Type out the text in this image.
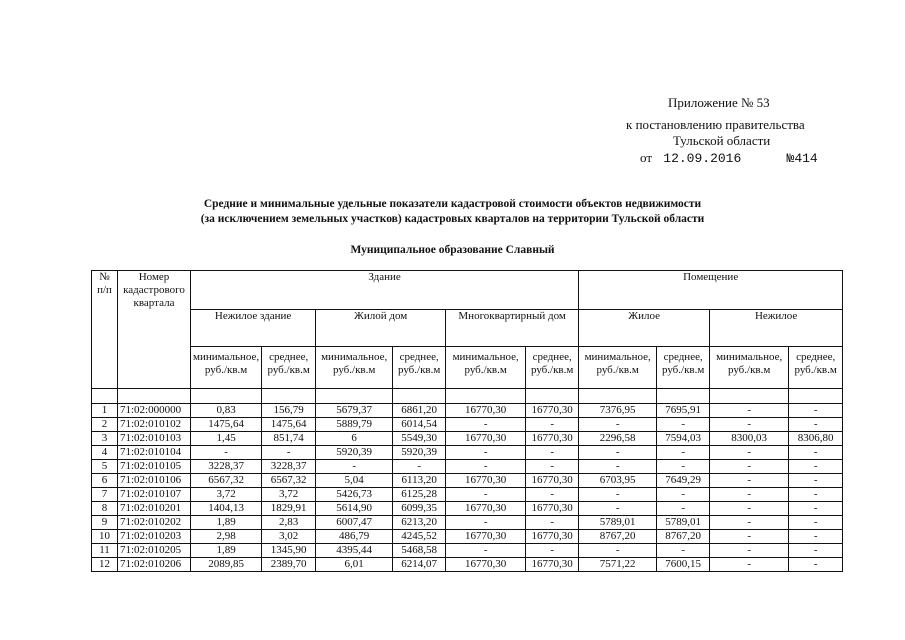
Приложение № 53
к постановлению правительства
Тульской области
от 12.09.2016	№414
Средние и минимальные удельные показатели кадастровой стоимости объектов недвижимости
(за исключением земельных участков) кадастровых кварталов на территории Тульской области
Муниципальное образование Славный
№ п/п	Номер кадастрового квартала	Здание						Помещение			
		Нежилое здание		Жилой дом		Многоквартирный дом		Жилое		Нежилое	
		минимальное, руб./кв.м	среднее, руб./кв.м	минимальное, руб./кв.м	среднее, руб./кв.м	минимальное, руб./кв.м	среднее, руб./кв.м	минимальное, руб./кв.м	среднее, руб./кв.м	минимальное, руб./кв.м	среднее, руб./кв.м

1	71:02:000000	0,83	156,79	5679,37	6861,20	16770,30	16770,30	7376,95	7695,91	-	-
2	71:02:010102	1475,64	1475,64	5889,79	6014,54	-	-	-	-	-	-
3	71:02:010103	1,45	851,74	6	5549,30	16770,30	16770,30	2296,58	7594,03	8300,03	8306,80
4	71:02:010104	-	-	5920,39	5920,39	-	-	-	-	-	-
5	71:02:010105	3228,37	3228,37	-	-	-	-	-	-	-	-
6	71:02:010106	6567,32	6567,32	5,04	6113,20	16770,30	16770,30	6703,95	7649,29	-	-
7	71:02:010107	3,72	3,72	5426,73	6125,28	-	-	-	-	-	-
8	71:02:010201	1404,13	1829,91	5614,90	6099,35	16770,30	16770,30	-	-	-	-
9	71:02:010202	1,89	2,83	6007,47	6213,20	-	-	5789,01	5789,01	-	-
10	71:02:010203	2,98	3,02	486,79	4245,52	16770,30	16770,30	8767,20	8767,20	-	-
11	71:02:010205	1,89	1345,90	4395,44	5468,58	-	-	-	-	-	-
12	71:02:010206	2089,85	2389,70	6,01	6214,07	16770,30	16770,30	7571,22	7600,15	-	-
